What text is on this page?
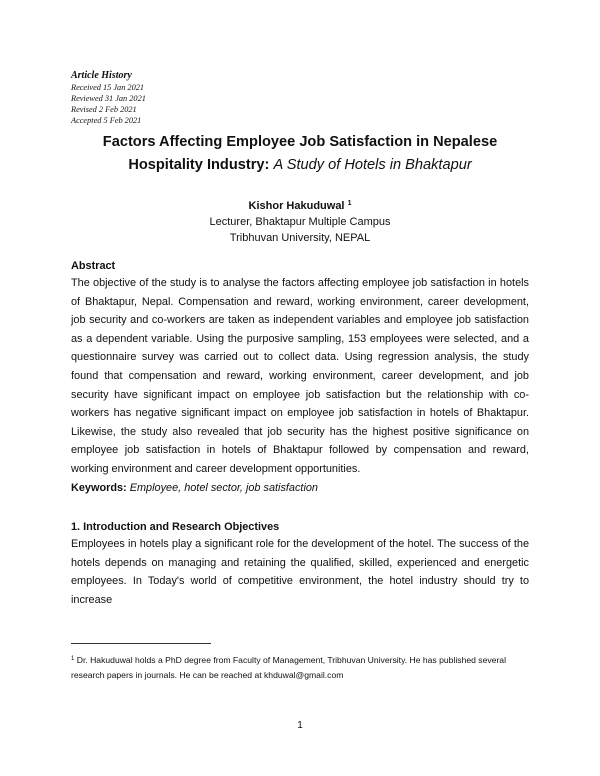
Article History
Received 15 Jan 2021
Reviewed 31 Jan 2021
Revised 2 Feb 2021
Accepted 5 Feb 2021
Factors Affecting Employee Job Satisfaction in Nepalese
Hospitality Industry: A Study of Hotels in Bhaktapur
Kishor Hakuduwal $^1$
Lecturer, Bhaktapur Multiple Campus
Tribhuvan University, NEPAL
Abstract
The objective of the study is to analyse the factors affecting employee job satisfaction in hotels of Bhaktapur, Nepal. Compensation and reward, working environment, career development, job security and co-workers are taken as independent variables and employee job satisfaction as a dependent variable. Using the purposive sampling, 153 employees were selected, and a questionnaire survey was carried out to collect data. Using regression analysis, the study found that compensation and reward, working environment, career development, and job security have significant impact on employee job satisfaction but the relationship with co-workers has negative significant impact on employee job satisfaction in hotels of Bhaktapur. Likewise, the study also revealed that job security has the highest positive significance on employee job satisfaction in hotels of Bhaktapur followed by compensation and reward, working environment and career development opportunities.
Keywords: Employee, hotel sector, job satisfaction
1. Introduction and Research Objectives
Employees in hotels play a significant role for the development of the hotel. The success of the hotels depends on managing and retaining the qualified, skilled, experienced and energetic employees. In Today's world of competitive environment, the hotel industry should try to increase
$^1$ Dr. Hakuduwal holds a PhD degree from Faculty of Management, Tribhuvan University. He has published several research papers in journals. He can be reached at khduwal@gmail.com
1
